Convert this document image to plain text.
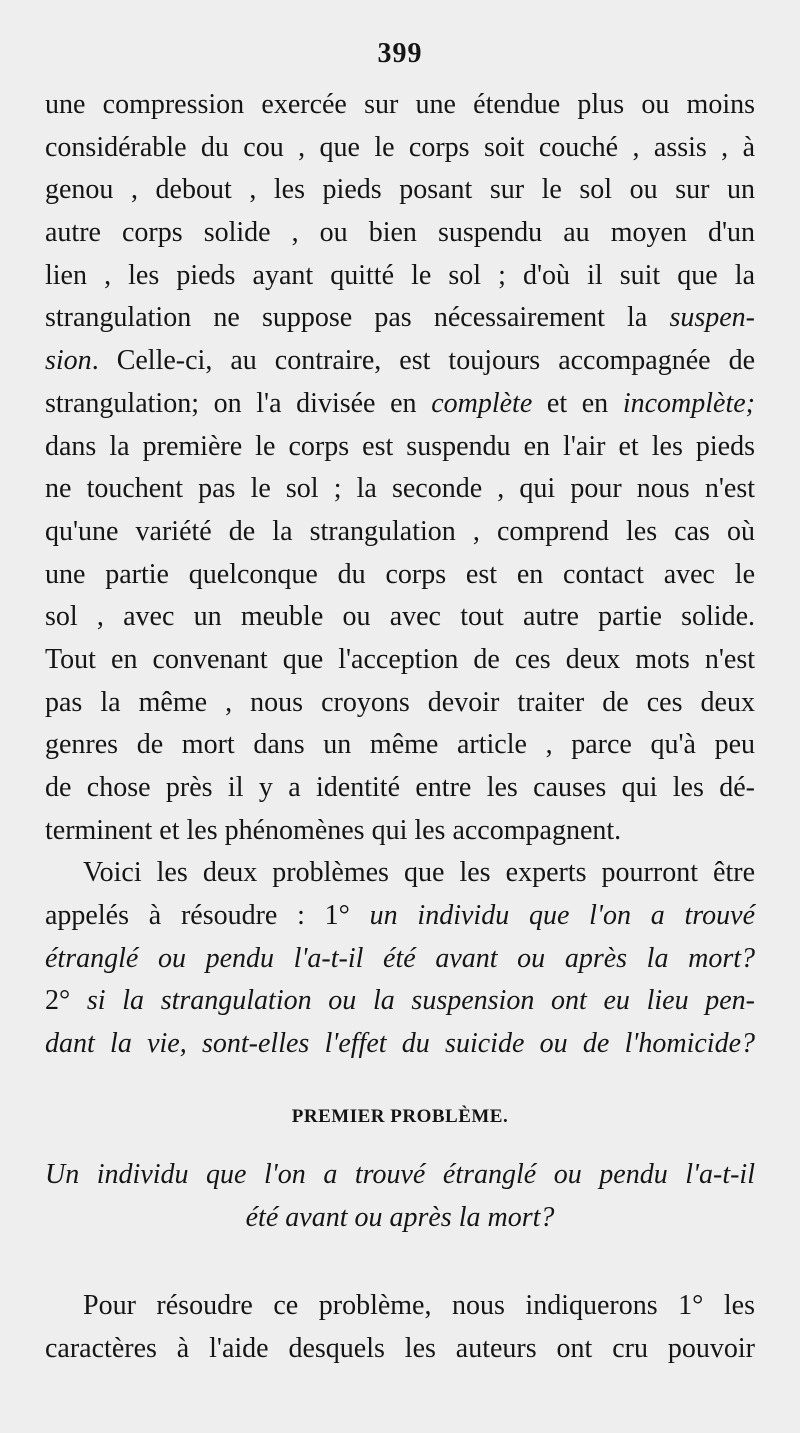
399
une compression exercée sur une étendue plus ou moins
considérable du cou , que le corps soit couché , assis , à
genou , debout , les pieds posant sur le sol ou sur un
autre corps solide , ou bien suspendu au moyen d'un
lien , les pieds ayant quitté le sol ; d'où il suit que la
strangulation ne suppose pas nécessairement la suspen-
sion. Celle-ci, au contraire, est toujours accompagnée de
strangulation; on l'a divisée en complète et en incomplète;
dans la première le corps est suspendu en l'air et les pieds
ne touchent pas le sol ; la seconde , qui pour nous n'est
qu'une variété de la strangulation , comprend les cas où
une partie quelconque du corps est en contact avec le
sol , avec un meuble ou avec tout autre partie solide.
Tout en convenant que l'acception de ces deux mots n'est
pas la même , nous croyons devoir traiter de ces deux
genres de mort dans un même article , parce qu'à peu
de chose près il y a identité entre les causes qui les dé-
terminent et les phénomènes qui les accompagnent.
Voici les deux problèmes que les experts pourront être
appelés à résoudre : 1° un individu que l'on a trouvé
étranglé ou pendu l'a-t-il été avant ou après la mort?
2° si la strangulation ou la suspension ont eu lieu pen-
dant la vie, sont-elles l'effet du suicide ou de l'homicide?
PREMIER PROBLÈME.
Un individu que l'on a trouvé étranglé ou pendu l'a-t-il
été avant ou après la mort?
Pour résoudre ce problème, nous indiquerons 1° les
caractères à l'aide desquels les auteurs ont cru pouvoir
